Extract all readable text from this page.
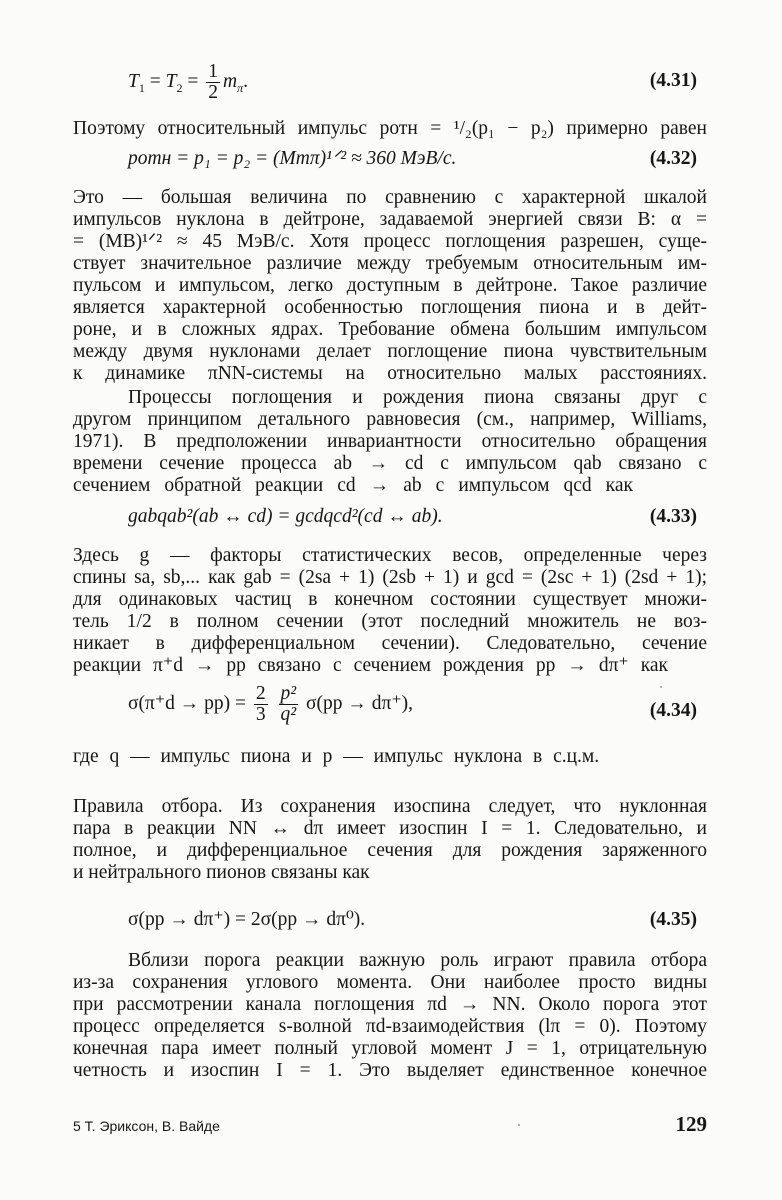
$T_1 = T_2 = \frac{1}{2} m_\pi$.	(4.31)
Поэтому относительный импульс pотн = ¹/₂(p₁ − p₂) примерно равен
pотн = p₁ = p₂ = (Mmπ)¹ᐟ² ≈ 360 МэВ/c.	(4.32)
Это — большая величина по сравнению с характерной шкалой
импульсов нуклона в дейтроне, задаваемой энергией связи B: α =
= (MB)¹ᐟ² ≈ 45 МэВ/c. Хотя процесс поглощения разрешен, суще-
ствует значительное различие между требуемым относительным им-
пульсом и импульсом, легко доступным в дейтроне. Такое различие
является характерной особенностью поглощения пиона и в дейт-
роне, и в сложных ядрах. Требование обмена большим импульсом
между двумя нуклонами делает поглощение пиона чувствительным
к динамике πNN-системы на относительно малых расстояниях.
Процессы поглощения и рождения пиона связаны друг с
другом принципом детального равновесия (см., например, Williams,
1971). В предположении инвариантности относительно обращения
времени сечение процесса ab → cd с импульсом qab связано с
сечением обратной реакции cd → ab с импульсом qcd как
gabqab²(ab ↔ cd) = gcdqcd²(cd ↔ ab).	(4.33)
Здесь g — факторы статистических весов, определенные через
спины sa, sb,... как gab = (2sa + 1) (2sb + 1) и gcd = (2sc + 1) (2sd + 1);
для одинаковых частиц в конечном состоянии существует множи-
тель 1/2 в полном сечении (этот последний множитель не воз-
никает в дифференциальном сечении). Следовательно, сечение
реакции π⁺d → pp связано с сечением рождения pp → dπ⁺ как
$\sigma(\pi^+d \to pp) = \frac{2}{3}$
$\frac{\text{p²}}{\text{q²}} \sigma(pp \to d\pi^+)$,	(4.34)
где q — импульс пиона и p — импульс нуклона в с.ц.м.
Правила отбора. Из сохранения изоспина следует, что нуклонная
пара в реакции NN ↔ dπ имеет изоспин I = 1. Следовательно, и
полное, и дифференциальное сечения для рождения заряженного
и нейтрального пионов связаны как
σ(pp → dπ⁺) = 2σ(pp → dπ⁰).	(4.35)
Вблизи порога реакции важную роль играют правила отбора
из-за сохранения углового момента. Они наиболее просто видны
при рассмотрении канала поглощения πd → NN. Около порога этот
процесс определяется s-волной πd-взаимодействия (lπ = 0). Поэтому
конечная пара имеет полный угловой момент J = 1, отрицательную
четность и изоспин I = 1. Это выделяет единственное конечное
5 Т. Эриксон, В. Вайде	129
